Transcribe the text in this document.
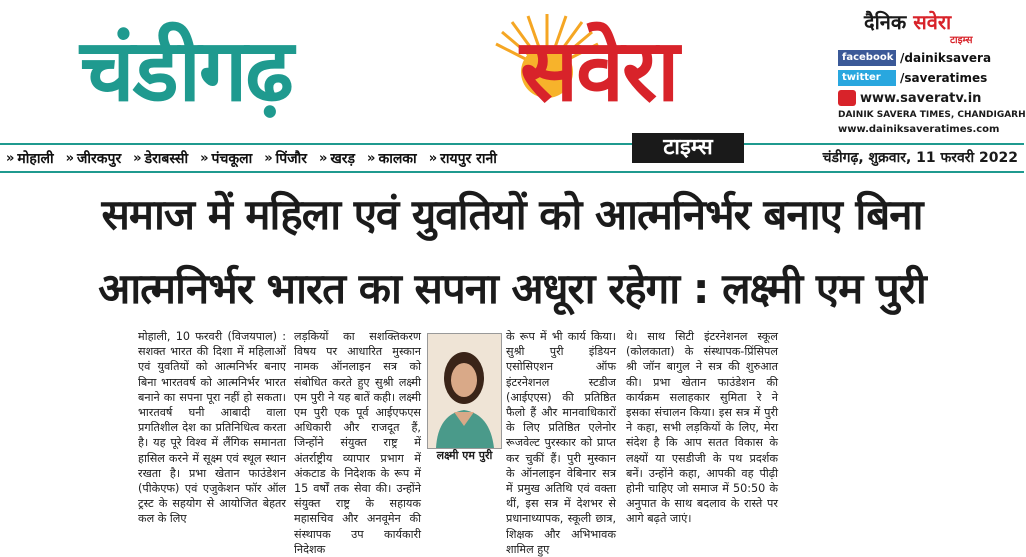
चंडीगढ़	सवेरा
» मोहाली » जीरकपुर » डेराबस्सी » पंचकूला » पिंजौर » खरड़ » कालका » रायपुर रानी	चंडीगढ़, शुक्रवार, 11 फरवरी 2022
टाइम्स
दैनिक सवेरा
टाइम्स
facebook /dainiksavera
twitter	/saveratimes
www.saveratv.in
DAINIK SAVERA TIMES, CHANDIGARH
www.dainiksaveratimes.com
समाज में महिला एवं युवतियों को आत्मनिर्भर बनाए बिना
आत्मनिर्भर भारत का सपना अधूरा रहेगा : लक्ष्मी एम पुरी
मोहाली, 10 फरवरी (विजयपाल) : सशक्त भारत की दिशा में महिलाओं एवं युवतियों को आत्मनिर्भर बनाए बिना भारतवर्ष को आत्मनिर्भर भारत बनाने का सपना पूरा नहीं हो सकता। भारतवर्ष घनी आबादी वाला प्रगतिशील देश का प्रतिनिधित्व करता है। यह पूरे विश्व में लैंगिक समानता हासिल करने में सूक्ष्म एवं स्थूल स्थान रखता है। प्रभा खेतान फाउंडेशन (पीकेएफ) एवं एजुकेशन फॉर ऑल ट्रस्ट के सहयोग से आयोजित बेहतर कल के लिए
लड़कियों का सशक्तिकरण विषय पर आधारित मुस्कान नामक ऑनलाइन सत्र को संबोधित करते हुए सुश्री लक्ष्मी एम पुरी ने यह बातें कही। लक्ष्मी एम पुरी एक पूर्व आईएफएस अधिकारी और राजदूत हैं, जिन्होंने संयुक्त राष्ट्र में अंतर्राष्ट्रीय व्यापार प्रभाग में अंकटाड के निदेशक के रूप में 15 वर्षों तक सेवा की। उन्होंने संयुक्त राष्ट्र के सहायक महासचिव और अनवूमेन की संस्थापक उप कार्यकारी निदेशक
लक्ष्मी एम पुरी
के रूप में भी कार्य किया। सुश्री पुरी इंडियन एसोसिएशन ऑफ इंटरनेशनल स्टडीज (आईएएस) की प्रतिष्ठित फैलो हैं और मानवाधिकारों के लिए प्रतिष्ठित एलेनोर रूजवेल्ट पुरस्कार को प्राप्त कर चुकीं हैं। पुरी मुस्कान के ऑनलाइन वेबिनार सत्र में प्रमुख अतिथि एवं वक्ता थीं, इस सत्र में देशभर से प्रधानाध्यापक, स्कूली छात्र, शिक्षक और अभिभावक शामिल हुए
थे। साथ सिटी इंटरनेशनल स्कूल (कोलकाता) के संस्थापक-प्रिंसिपल श्री जॉन बागुल ने सत्र की शुरुआत की। प्रभा खेतान फाउंडेशन की कार्यक्रम सलाहकार सुमिता रे ने इसका संचालन किया। इस सत्र में पुरी ने कहा, सभी लड़कियों के लिए, मेरा संदेश है कि आप सतत विकास के लक्ष्यों या एसडीजी के पथ प्रदर्शक बनें। उन्होंने कहा, आपकी वह पीढ़ी होनी चाहिए जो समाज में 50:50 के अनुपात के साथ बदलाव के रास्ते पर आगे बढ़ते जाएं।
